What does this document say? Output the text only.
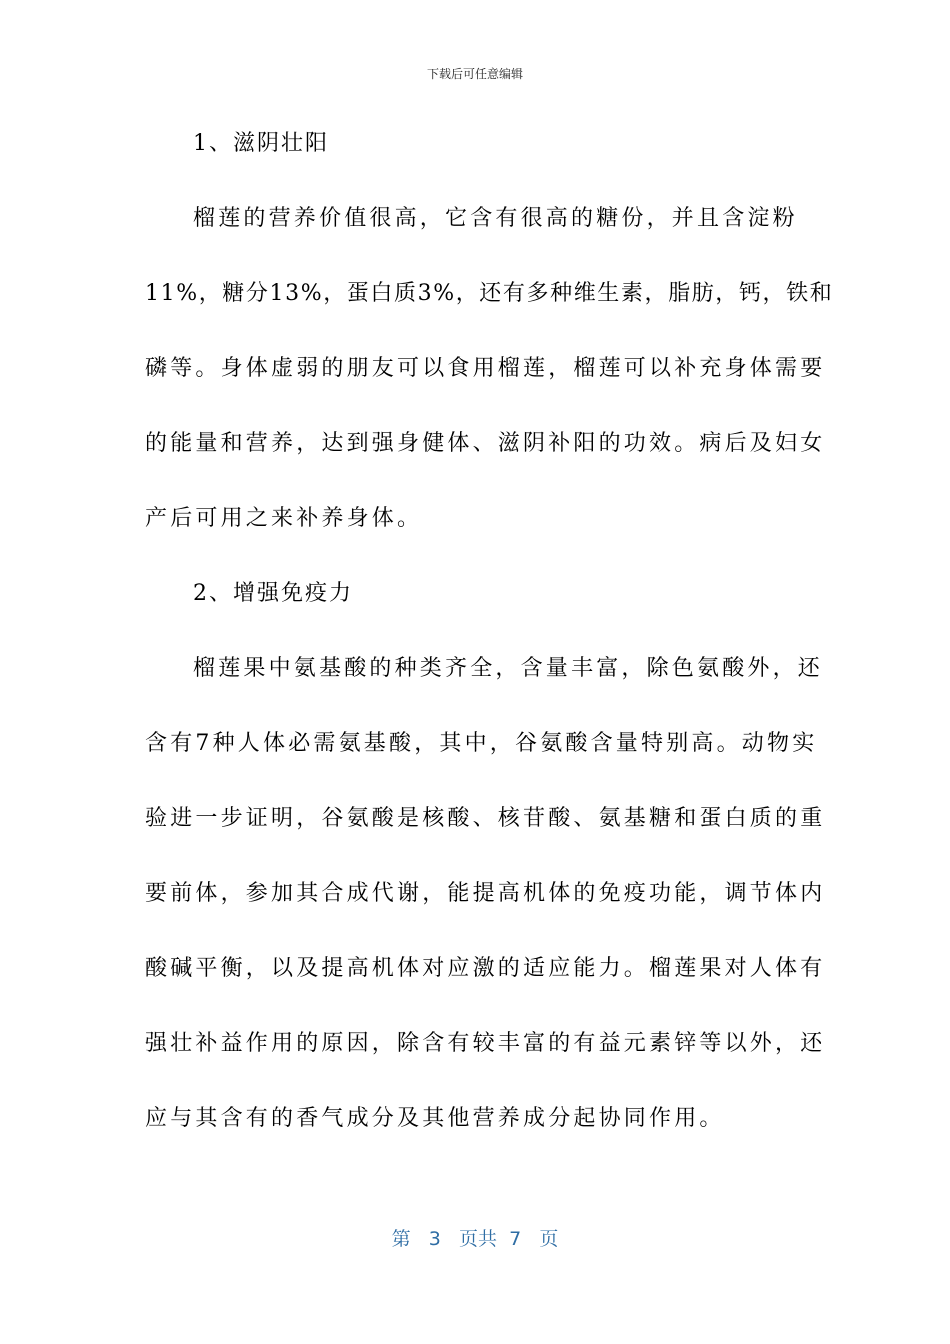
下载后可任意编辑
1、滋阴壮阳
榴莲的营养价值很高，它含有很高的糖份，并且含淀粉
11%，糖分13%，蛋白质3%，还有多种维生素，脂肪，钙，铁和
磷等。身体虚弱的朋友可以食用榴莲，榴莲可以补充身体需要
的能量和营养，达到强身健体、滋阴补阳的功效。病后及妇女
产后可用之来补养身体。
2、增强免疫力
榴莲果中氨基酸的种类齐全，含量丰富，除色氨酸外，还
含有7种人体必需氨基酸，其中，谷氨酸含量特别高。动物实
验进一步证明，谷氨酸是核酸、核苷酸、氨基糖和蛋白质的重
要前体，参加其合成代谢，能提高机体的免疫功能，调节体内
酸碱平衡，以及提高机体对应激的适应能力。榴莲果对人体有
强壮补益作用的原因，除含有较丰富的有益元素锌等以外，还
应与其含有的香气成分及其他营养成分起协同作用。
第 3 页共 7 页
